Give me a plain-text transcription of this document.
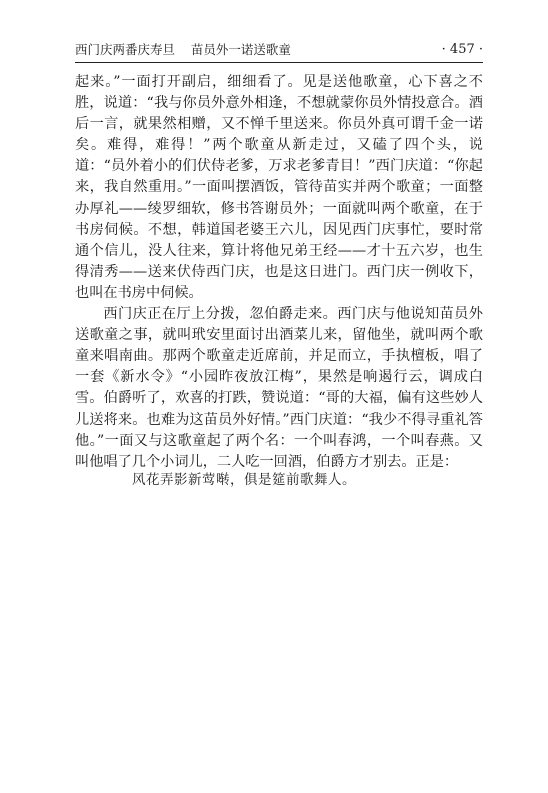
西门庆两番庆寿旦    苗员外一诺送歌童	· 457 ·

起来。”一面打开副启，细细看了。见是送他歌童，心下喜之不胜，说道：“我与你员外意外相逢，不想就蒙你员外情投意合。酒后一言，就果然相赠，又不惮千里送来。你员外真可谓千金一诺矣。难得，难得！”两个歌童从新走过，又磕了四个头，说道：“员外着小的们伏侍老爹，万求老爹青目！”西门庆道：“你起来，我自然重用。”一面叫摆酒饭，管待苗实并两个歌童；一面整办厚礼——绫罗细软，修书答谢员外；一面就叫两个歌童，在于书房伺候。不想，韩道国老婆王六儿，因见西门庆事忙，要时常通个信儿，没人往来，算计将他兄弟王经——才十五六岁，也生得清秀——送来伏侍西门庆，也是这日进门。西门庆一例收下，也叫在书房中伺候。

西门庆正在厅上分拨，忽伯爵走来。西门庆与他说知苗员外送歌童之事，就叫玳安里面讨出酒菜儿来，留他坐，就叫两个歌童来唱南曲。那两个歌童走近席前，并足而立，手执檀板，唱了一套《新水令》“小园昨夜放江梅”，果然是响遏行云，调成白雪。伯爵听了，欢喜的打跌，赞说道：“哥的大福，偏有这些妙人儿送将来。也难为这苗员外好情。”西门庆道：“我少不得寻重礼答他。”一面又与这歌童起了两个名：一个叫春鸿，一个叫春燕。又叫他唱了几个小词儿，二人吃一回酒，伯爵方才别去。正是：

风花弄影新莺啭，俱是筵前歌舞人。
